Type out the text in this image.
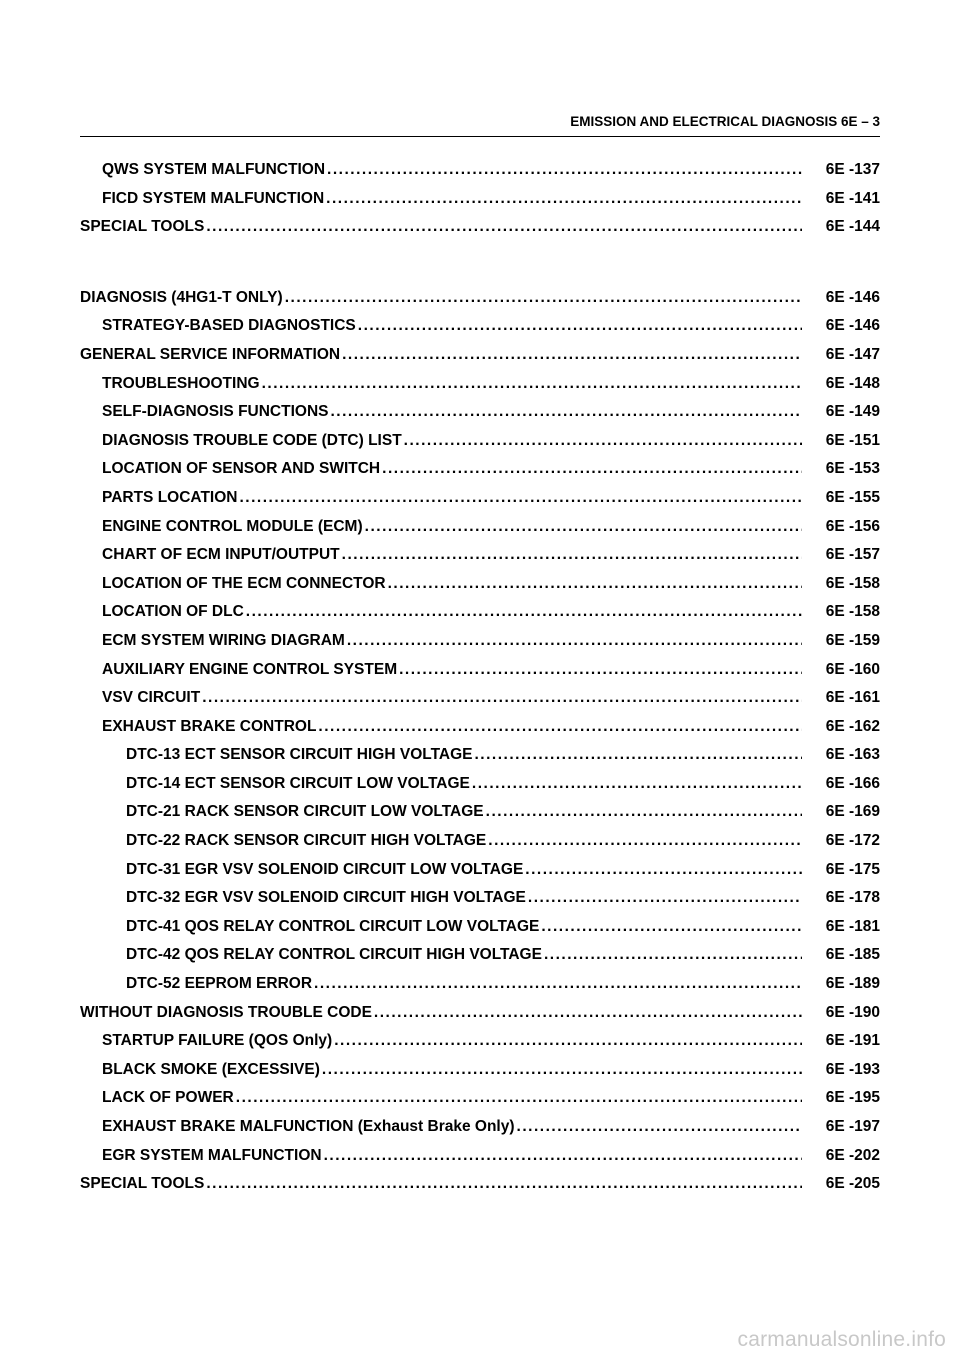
EMISSION AND ELECTRICAL DIAGNOSIS 6E – 3
QWS SYSTEM MALFUNCTION . . .	6E -137
FICD SYSTEM MALFUNCTION . . .	6E -141
SPECIAL TOOLS . . .	6E -144
DIAGNOSIS (4HG1-T ONLY) . . .	6E -146
STRATEGY-BASED DIAGNOSTICS . . .	6E -146
GENERAL SERVICE INFORMATION . . .	6E -147
TROUBLESHOOTING . . .	6E -148
SELF-DIAGNOSIS FUNCTIONS . . .	6E -149
DIAGNOSIS TROUBLE CODE (DTC) LIST . . .	6E -151
LOCATION OF SENSOR AND SWITCH . . .	6E -153
PARTS LOCATION . . .	6E -155
ENGINE CONTROL MODULE (ECM) . . .	6E -156
CHART OF ECM INPUT/OUTPUT . . .	6E -157
LOCATION OF THE ECM CONNECTOR . . .	6E -158
LOCATION OF DLC . . .	6E -158
ECM SYSTEM WIRING DIAGRAM . . .	6E -159
AUXILIARY ENGINE CONTROL SYSTEM . . .	6E -160
VSV CIRCUIT . . .	6E -161
EXHAUST BRAKE CONTROL . . .	6E -162
DTC-13 ECT SENSOR CIRCUIT HIGH VOLTAGE . . .	6E -163
DTC-14 ECT SENSOR CIRCUIT LOW VOLTAGE . . .	6E -166
DTC-21 RACK SENSOR CIRCUIT LOW VOLTAGE . . .	6E -169
DTC-22 RACK SENSOR CIRCUIT HIGH VOLTAGE . . .	6E -172
DTC-31 EGR VSV SOLENOID CIRCUIT LOW VOLTAGE . . .	6E -175
DTC-32 EGR VSV SOLENOID CIRCUIT HIGH VOLTAGE . . .	6E -178
DTC-41 QOS RELAY CONTROL CIRCUIT LOW VOLTAGE . . .	6E -181
DTC-42 QOS RELAY CONTROL CIRCUIT HIGH VOLTAGE . . .	6E -185
DTC-52 EEPROM ERROR . . .	6E -189
WITHOUT DIAGNOSIS TROUBLE CODE . . .	6E -190
STARTUP FAILURE (QOS Only) . . .	6E -191
BLACK SMOKE (EXCESSIVE) . . .	6E -193
LACK OF POWER . . .	6E -195
EXHAUST BRAKE MALFUNCTION (Exhaust Brake Only) . . .	6E -197
EGR SYSTEM MALFUNCTION . . .	6E -202
SPECIAL TOOLS . . .	6E -205
carmanualsonline.info
